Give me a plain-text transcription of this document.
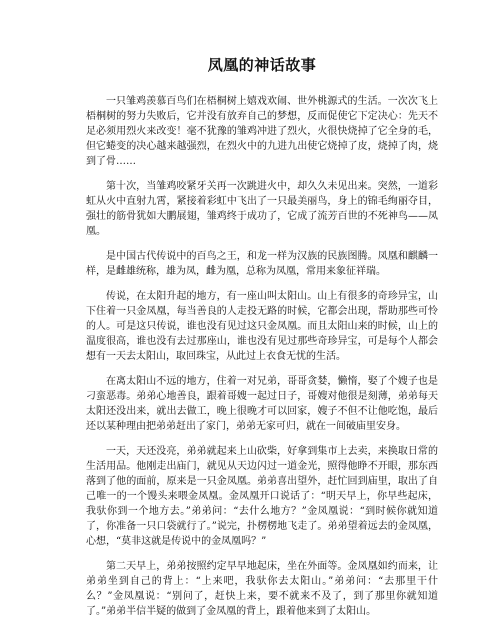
凤凰的神话故事

一只雏鸡羡慕百鸟们在梧桐树上嬉戏欢闹、世外桃源式的生活。一次次飞上梧桐树的努力失败后，它并没有放弃自己的梦想，反而促使它下定决心：先天不足必须用烈火来改变！毫不犹豫的雏鸡冲进了烈火，火很快烧掉了它全身的毛，但它蜷变的决心越来越强烈，在烈火中的九进九出使它烧掉了皮，烧掉了肉，烧到了骨……

第十次，当雏鸡咬紧牙关再一次跳进火中，却久久未见出来。突然，一道彩虹从火中直射九霄，紧接着彩虹中飞出了一只最美丽鸟，身上的锦毛绚丽夺目，强壮的筋骨犹如大鹏展翅，雏鸡终于成功了，它成了流芳百世的不死神鸟——凤凰。

是中国古代传说中的百鸟之王，和龙一样为汉族的民族图腾。凤凰和麒麟一样，是雌雄统称，雄为凤，雌为凰，总称为凤凰，常用来象征祥瑞。

传说，在太阳升起的地方，有一座山叫太阳山。山上有很多的奇珍异宝，山下住着一只金凤凰，每当善良的人走投无路的时候，它都会出现，帮助那些可怜的人。可是这只传说，谁也没有见过这只金凤凰。而且太阳山来的时候，山上的温度很高，谁也没有去过那座山，谁也没有见过那些奇珍异宝，可是每个人都会想有一天去太阳山，取回珠宝，从此过上衣食无忧的生活。

在离太阳山不远的地方，住着一对兄弟，哥哥贪婪，懒惰，娶了个嫂子也是刁蛮恶毒。弟弟心地善良，跟着哥嫂一起过日子，哥嫂对他很是刻薄，弟弟每天太阳还没出来，就出去做工，晚上很晚才可以回家，嫂子不但不让他吃饱，最后还以某种理由把弟弟赶出了家门，弟弟无家可归，就在一间破庙里安身。

一天，天还没亮，弟弟就起来上山砍柴，好拿到集市上去卖，来换取日常的生活用品。他刚走出庙门，就见从天边闪过一道金光，照得他睁不开眼，那东西落到了他的面前，原来是一只金凤凰。弟弟喜出望外，赶忙回到庙里，取出了自己唯一的一个馒头来喂金凤凰。金凤凰开口说话了：“明天早上，你早些起床，我驮你到一个地方去。”弟弟问：“去什么地方？”金凤凰说：“到时候你就知道了，你准备一只口袋就行了。”说完，扑楞楞地飞走了。弟弟望着远去的金凤凰，心想，“莫非这就是传说中的金凤凰吗？”

第二天早上，弟弟按照约定早早地起床，坐在外面等。金凤凰如约而来，让弟弟坐到自己的背上：“上来吧，我驮你去太阳山。”弟弟问：“去那里干什么？”金凤凰说：“别问了，赶快上来，要不就来不及了，到了那里你就知道了。”弟弟半信半疑的做到了金凤凰的背上，跟着他来到了太阳山。
